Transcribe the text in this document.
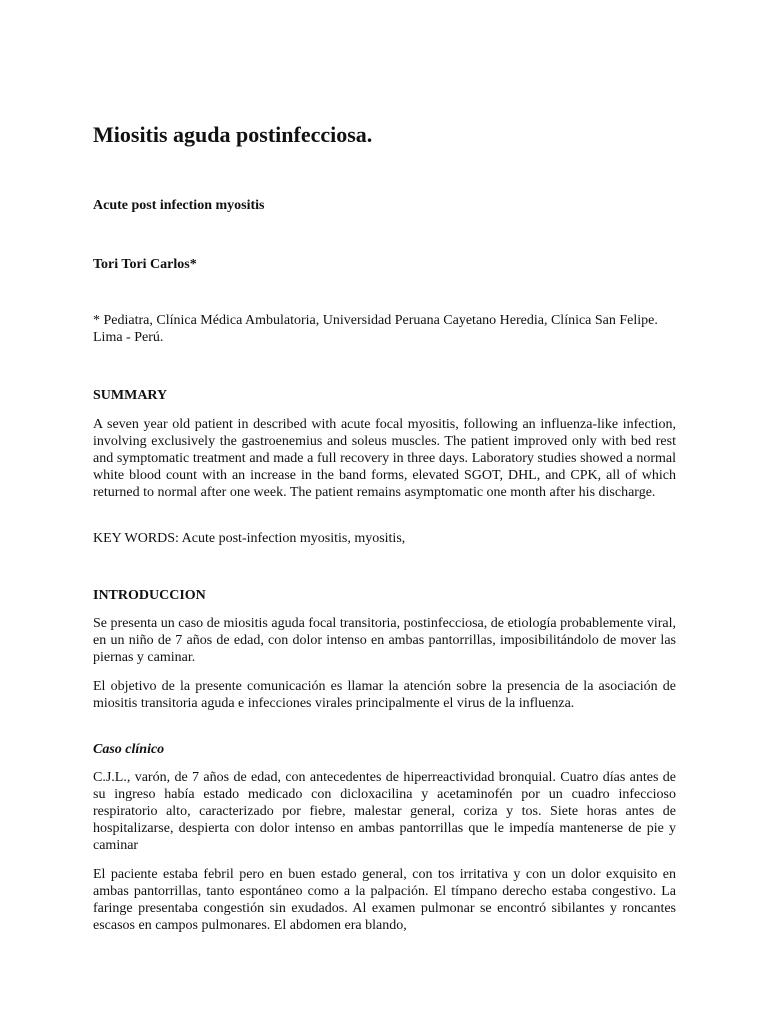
Miositis aguda postinfecciosa.

Acute post infection myositis

Tori Tori Carlos*

* Pediatra, Clínica Médica Ambulatoria, Universidad Peruana Cayetano Heredia, Clínica San Felipe. Lima - Perú.

SUMMARY

A seven year old patient in described with acute focal myositis, following an influenza-like infection, involving exclusively the gastroenemius and soleus muscles. The patient improved only with bed rest and symptomatic treatment and made a full recovery in three days. Laboratory studies showed a normal white blood count with an increase in the band forms, elevated SGOT, DHL, and CPK, all of which returned to normal after one week. The patient remains asymptomatic one month after his discharge.

KEY WORDS: Acute post-infection myositis, myositis,

INTRODUCCION

Se presenta un caso de miositis aguda focal transitoria, postinfecciosa, de etiología probablemente viral, en un niño de 7 años de edad, con dolor intenso en ambas pantorrillas, imposibilitándolo de mover las piernas y caminar.

El objetivo de la presente comunicación es llamar la atención sobre la presencia de la asociación de miositis transitoria aguda e infecciones virales principalmente el virus de la influenza.

Caso clínico

C.J.L., varón, de 7 años de edad, con antecedentes de hiperreactividad bronquial. Cuatro días antes de su ingreso había estado medicado con dicloxacilina y acetaminofén por un cuadro infeccioso respiratorio alto, caracterizado por fiebre, malestar general, coriza y tos. Siete horas antes de hospitalizarse, despierta con dolor intenso en ambas pantorrillas que le impedía mantenerse de pie y caminar

El paciente estaba febril pero en buen estado general, con tos irritativa y con un dolor exquisito en ambas pantorrillas, tanto espontáneo como a la palpación. El tímpano derecho estaba congestivo. La faringe presentaba congestión sin exudados. Al examen pulmonar se encontró sibilantes y roncantes escasos en campos pulmonares. El abdomen era blando,
